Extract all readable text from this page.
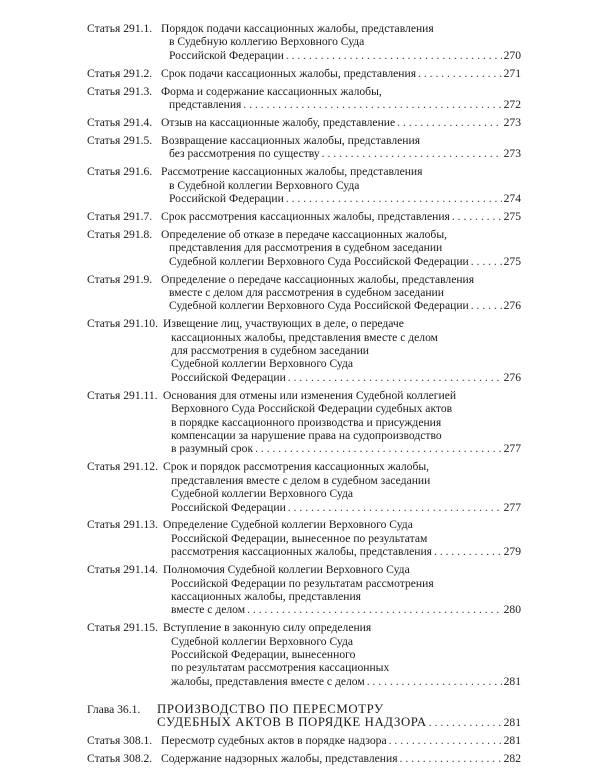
Статья 291.1. Порядок подачи кассационных жалобы, представления
в Судебную коллегию Верховного Суда
Российской Федерации . . .	270
Статья 291.2. Срок подачи кассационных жалобы, представления . . .	271
Статья 291.3. Форма и содержание кассационных жалобы,
представления . . .	272
Статья 291.4. Отзыв на кассационные жалобу, представление . . .	273
Статья 291.5. Возвращение кассационных жалобы, представления
без рассмотрения по существу . . .	273
Статья 291.6. Рассмотрение кассационных жалобы, представления
в Судебной коллегии Верховного Суда
Российской Федерации . . .	274
Статья 291.7. Срок рассмотрения кассационных жалобы, представления . . .	275
Статья 291.8. Определение об отказе в передаче кассационных жалобы,
представления для рассмотрения в судебном заседании
Судебной коллегии Верховного Суда Российской Федерации . . .	275
Статья 291.9. Определение о передаче кассационных жалобы, представления
вместе с делом для рассмотрения в судебном заседании
Судебной коллегии Верховного Суда Российской Федерации . . .	276
Статья 291.10. Извещение лиц, участвующих в деле, о передаче
кассационных жалобы, представления вместе с делом
для рассмотрения в судебном заседании
Судебной коллегии Верховного Суда
Российской Федерации . . .	276
Статья 291.11. Основания для отмены или изменения Судебной коллегией
Верховного Суда Российской Федерации судебных актов
в порядке кассационного производства и присуждения
компенсации за нарушение права на судопроизводство
в разумный срок . . .	277
Статья 291.12. Срок и порядок рассмотрения кассационных жалобы,
представления вместе с делом в судебном заседании
Судебной коллегии Верховного Суда
Российской Федерации . . .	277
Статья 291.13. Определение Судебной коллегии Верховного Суда
Российской Федерации, вынесенное по результатам
рассмотрения кассационных жалобы, представления . . .	279
Статья 291.14. Полномочия Судебной коллегии Верховного Суда
Российской Федерации по результатам рассмотрения
кассационных жалобы, представления
вместе с делом . . .	280
Статья 291.15. Вступление в законную силу определения
Судебной коллегии Верховного Суда
Российской Федерации, вынесенного
по результатам рассмотрения кассационных
жалобы, представления вместе с делом . . .	281
Глава 36.1.	ПРОИЗВОДСТВО ПО ПЕРЕСМОТРУ
СУДЕБНЫХ АКТОВ В ПОРЯДКЕ НАДЗОРА . . .	281
Статья 308.1. Пересмотр судебных актов в порядке надзора . . .	281
Статья 308.2. Содержание надзорных жалобы, представления . . .	282
